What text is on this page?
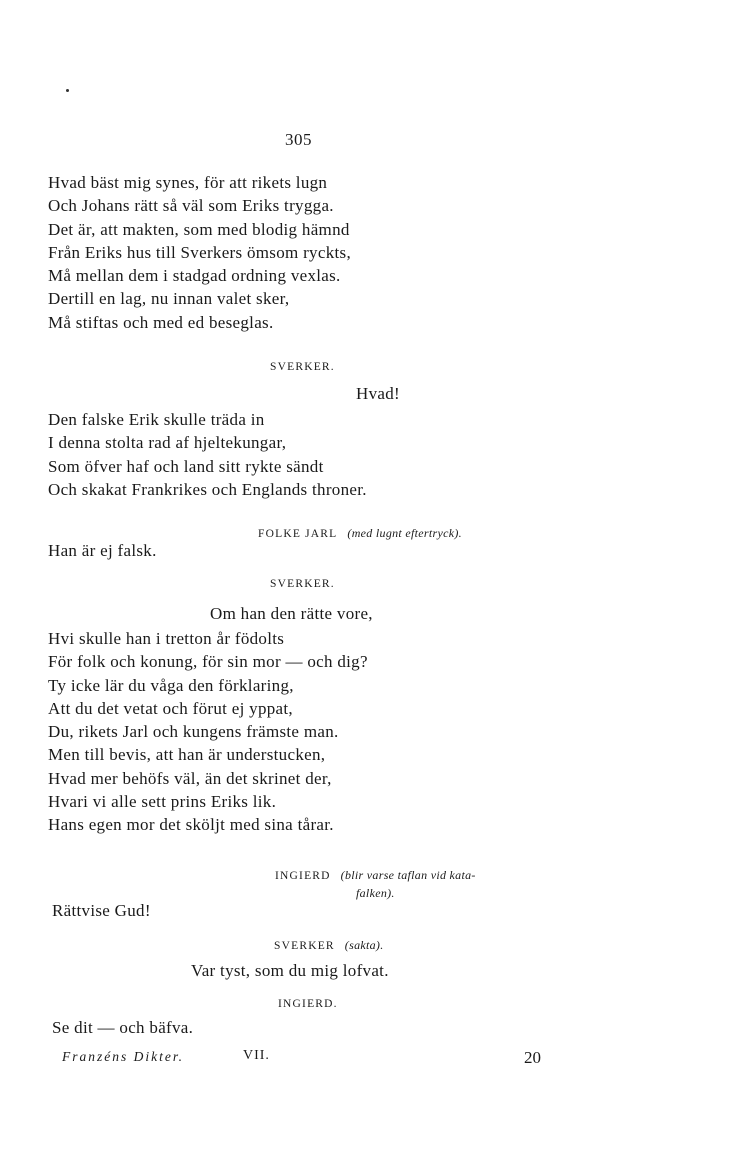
305
Hvad bäst mig synes, för att rikets lugn
Och Johans rätt så väl som Eriks trygga.
Det är, att makten, som med blodig hämnd
Från Eriks hus till Sverkers ömsom ryckts,
Må mellan dem i stadgad ordning vexlas.
Dertill en lag, nu innan valet sker,
Må stiftas och med ed beseglas.
SVERKER.
Hvad!
Den falske Erik skulle träda in
I denna stolta rad af hjeltekungar,
Som öfver haf och land sitt rykte sändt
Och skakat Frankrikes och Englands throner.
FOLKE JARL (med lugnt eftertryck).
Han är ej falsk.
SVERKER.
Om han den rätte vore,
Hvi skulle han i tretton år födolts
För folk och konung, för sin mor — och dig?
Ty icke lär du våga den förklaring,
Att du det vetat och förut ej yppat,
Du, rikets Jarl och kungens främste man.
Men till bevis, att han är understucken,
Hvad mer behöfs väl, än det skrinet der,
Hvari vi alle sett prins Eriks lik.
Hans egen mor det sköljt med sina tårar.
INGIERD (blir varse taflan vid kata-
falken).
Rättvise Gud!
SVERKER (sakta).
Var tyst, som du mig lofvat.
INGIERD.
Se dit — och bäfva.
Franzéns Dikter.	VII.	20
